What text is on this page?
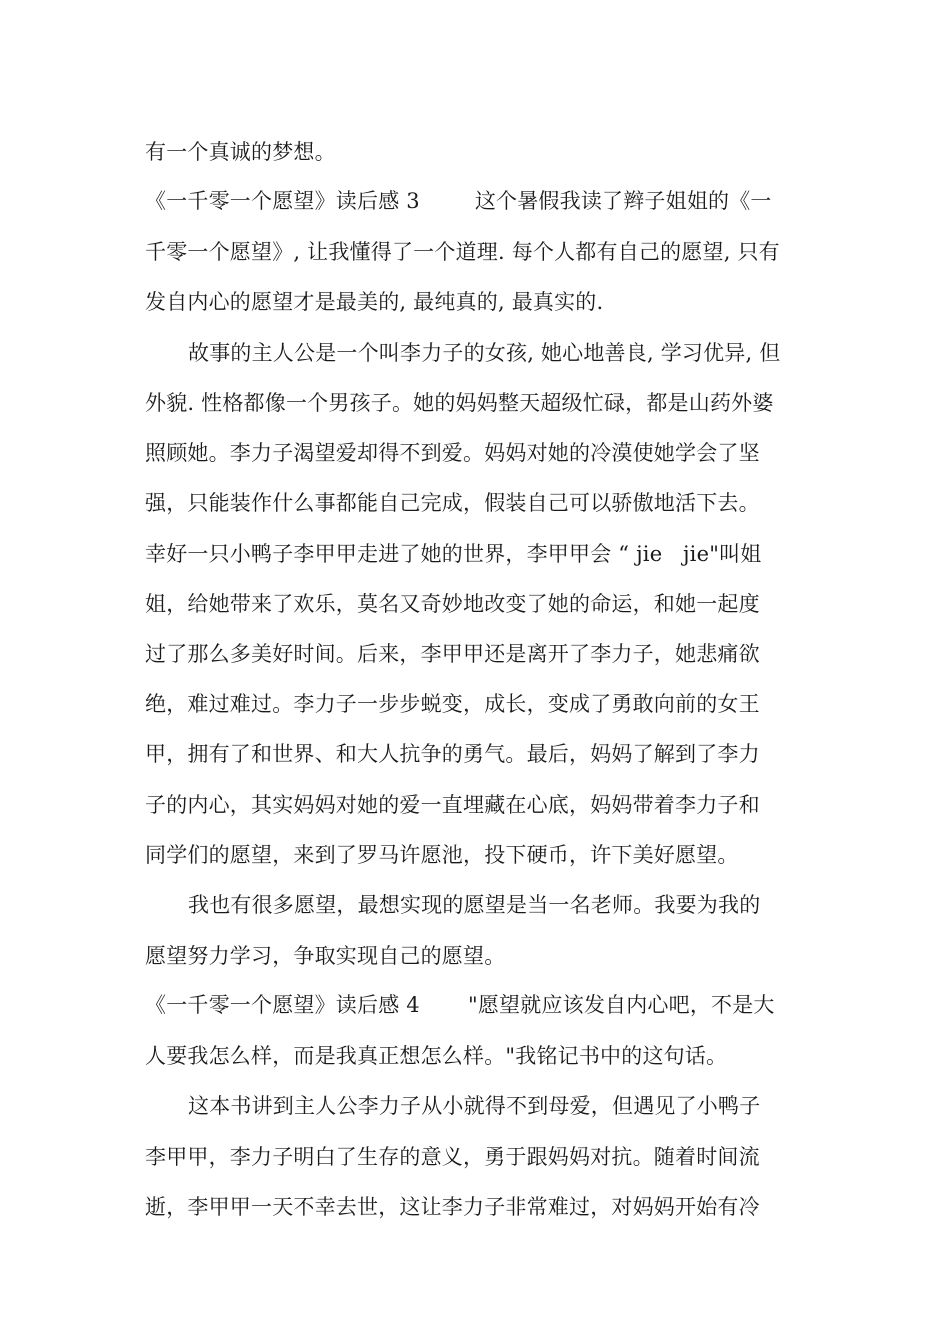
有一个真诚的梦想。
《一千零一个愿望》读后感 3        这个暑假我读了辫子姐姐的《一
千零一个愿望》, 让我懂得了一个道理. 每个人都有自己的愿望, 只有
发自内心的愿望才是最美的, 最纯真的, 最真实的.
故事的主人公是一个叫李力子的女孩, 她心地善良, 学习优异, 但
外貌. 性格都像一个男孩子。她的妈妈整天超级忙碌，都是山药外婆
照顾她。李力子渴望爱却得不到爱。妈妈对她的冷漠使她学会了坚
强，只能装作什么事都能自己完成，假装自己可以骄傲地活下去。
幸好一只小鸭子李甲甲走进了她的世界，李甲甲会 “ jie   jie"叫姐
姐，给她带来了欢乐，莫名又奇妙地改变了她的命运，和她一起度
过了那么多美好时间。后来，李甲甲还是离开了李力子，她悲痛欲
绝，难过难过。李力子一步步蜕变，成长，变成了勇敢向前的女王
甲，拥有了和世界、和大人抗争的勇气。最后，妈妈了解到了李力
子的内心，其实妈妈对她的爱一直埋藏在心底，妈妈带着李力子和
同学们的愿望，来到了罗马许愿池，投下硬币，许下美好愿望。
我也有很多愿望，最想实现的愿望是当一名老师。我要为我的
愿望努力学习，争取实现自己的愿望。
《一千零一个愿望》读后感 4       "愿望就应该发自内心吧，不是大
人要我怎么样，而是我真正想怎么样。"我铭记书中的这句话。
这本书讲到主人公李力子从小就得不到母爱，但遇见了小鸭子
李甲甲，李力子明白了生存的意义，勇于跟妈妈对抗。随着时间流
逝，李甲甲一天不幸去世，这让李力子非常难过，对妈妈开始有冷
